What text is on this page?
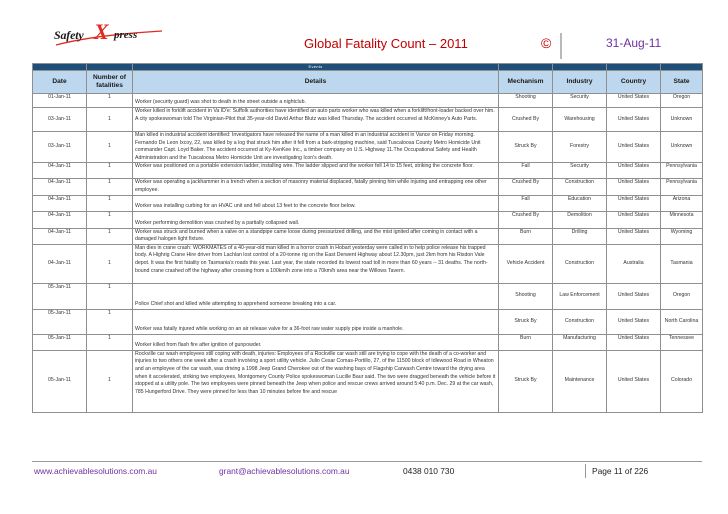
Safety X press
Global Fatality Count – 2011	©	31-Aug-11
		Events				
Date	Number of fatalities	Details	Mechanism	Industry	Country	State
01-Jan-11	1	Worker (security guard) was shot to death in the street outside a nightclub.	Shooting	Security	United States	Oregon
03-Jan-11	1	Worker killed in forklift accident in Va ID'e: Suffolk authorities have identified an auto parts worker who was killed when a forklift/front-loader backed over him. A city spokeswoman told The Virginian-Pilot that 35-year-old David Arthur Blutz was killed Thursday. The accident occurred at McKinney's Auto Parts.	Crushed By	Warehousing	United States	Unknown
03-Jan-11	1	Man killed in industrial accident identified: Investigators have released the name of a man killed in an industrial accident in Vance on Friday morning. Fernando De Leon Ixcoy, 22, was killed by a log that struck him after it fell from a bark-stripping machine, said Tuscaloosa County Metro Homicide Unit commander Capt. Loyd Baker. The accident occurred at Ky-KenKee Inc., a timber company on U.S. Highway 11.The Occupational Safety and Health Administration and the Tuscaloosa Metro Homicide Unit are investigating Icon's death.	Struck By	Forestry	United States	Unknown
04-Jan-11	1	Worker was positioned on a portable extension ladder, installing wire. The ladder slipped and the worker fell 14 to 15 feet, striking the concrete floor.	Fall	Security	United States	Pennsylvania
04-Jan-11	1	Worker was operating a jackhammer in a trench when a section of masonry material displaced, fatally pinning him while injuring and entrapping one other employee.	Crushed By	Construction	United States	Pennsylvania
04-Jan-11	1	Worker was installing curbing for an HVAC unit and fell about 13 feet to the concrete floor below.	Fall	Education	United States	Arizona
04-Jan-11	1	Worker performing demolition was crushed by a partially collapsed wall.	Crushed By	Demolition	United States	Minnesota
04-Jan-11	1	Worker was struck and burned when a valve on a standpipe came loose during pressurized drilling, and the mist ignited after coming in contact with a damaged halogen light fixture.	Burn	Drilling	United States	Wyoming
04-Jan-11	1	Man dies in crane crash: WORKMATES of a 40-year-old man killed in a horror crash in Hobart yesterday were called in to help police release his trapped body. A Highrig Crane Hire driver from Lachlan lost control of a 20-tonne rig on the East Derwent Highway about 12.30pm, just 2km from his Risdon Vale depot. It was the first fatality on Tasmania's roads this year. Last year, the state recorded its lowest road toll in more than 60 years -- 31 deaths. The north-bound crane crashed off the highway after crossing from a 100km/h zone into a 70km/h area near the Willows Tavern.	Vehicle Accident	Construction	Australia	Tasmania
05-Jan-11	1	Police Chief shot and killed while attempting to apprehend someone breaking into a car.	Shooting	Law Enforcement	United States	Oregon
05-Jan-11	1	Worker was fatally injured while working on an air release valve for a 36-foot raw water supply pipe inside a manhole.	Struck By	Construction	United States	North Carolina
05-Jan-11	1	Worker killed from flash fire after ignition of gunpowder.	Burn	Manufacturing	United States	Tennessee
05-Jan-11	1	Rockville car wash employees still coping with death, injuries: Employees of a Rockville car wash still are trying to cope with the death of a co-worker and injuries to two others one week after a crash involving a sport utility vehicle. Julio Cesar Comas-Portillo, 27, of the 11500 block of Idlewood Road in Wheaton and an employee of the car wash, was driving a 1998 Jeep Grand Cherokee out of the washing bays of Flagship Carwash Centre toward the drying area when it accelerated, striking two employees, Montgomery County Police spokeswoman Lucille Baur said. The two were dragged beneath the vehicle before it stopped at a utility pole. The two employees were pinned beneath the Jeep when police and rescue crews arrived around 5:40 p.m. Dec. 29 at the car wash, 785 Hungerford Drive. They were pinned for less than 10 minutes before fire and rescue	Struck By	Maintenance	United States	Colorado
www.achievablesolutions.com.au	grant@achievablesolutions.com.au	0438 010 730	Page 11 of 226
